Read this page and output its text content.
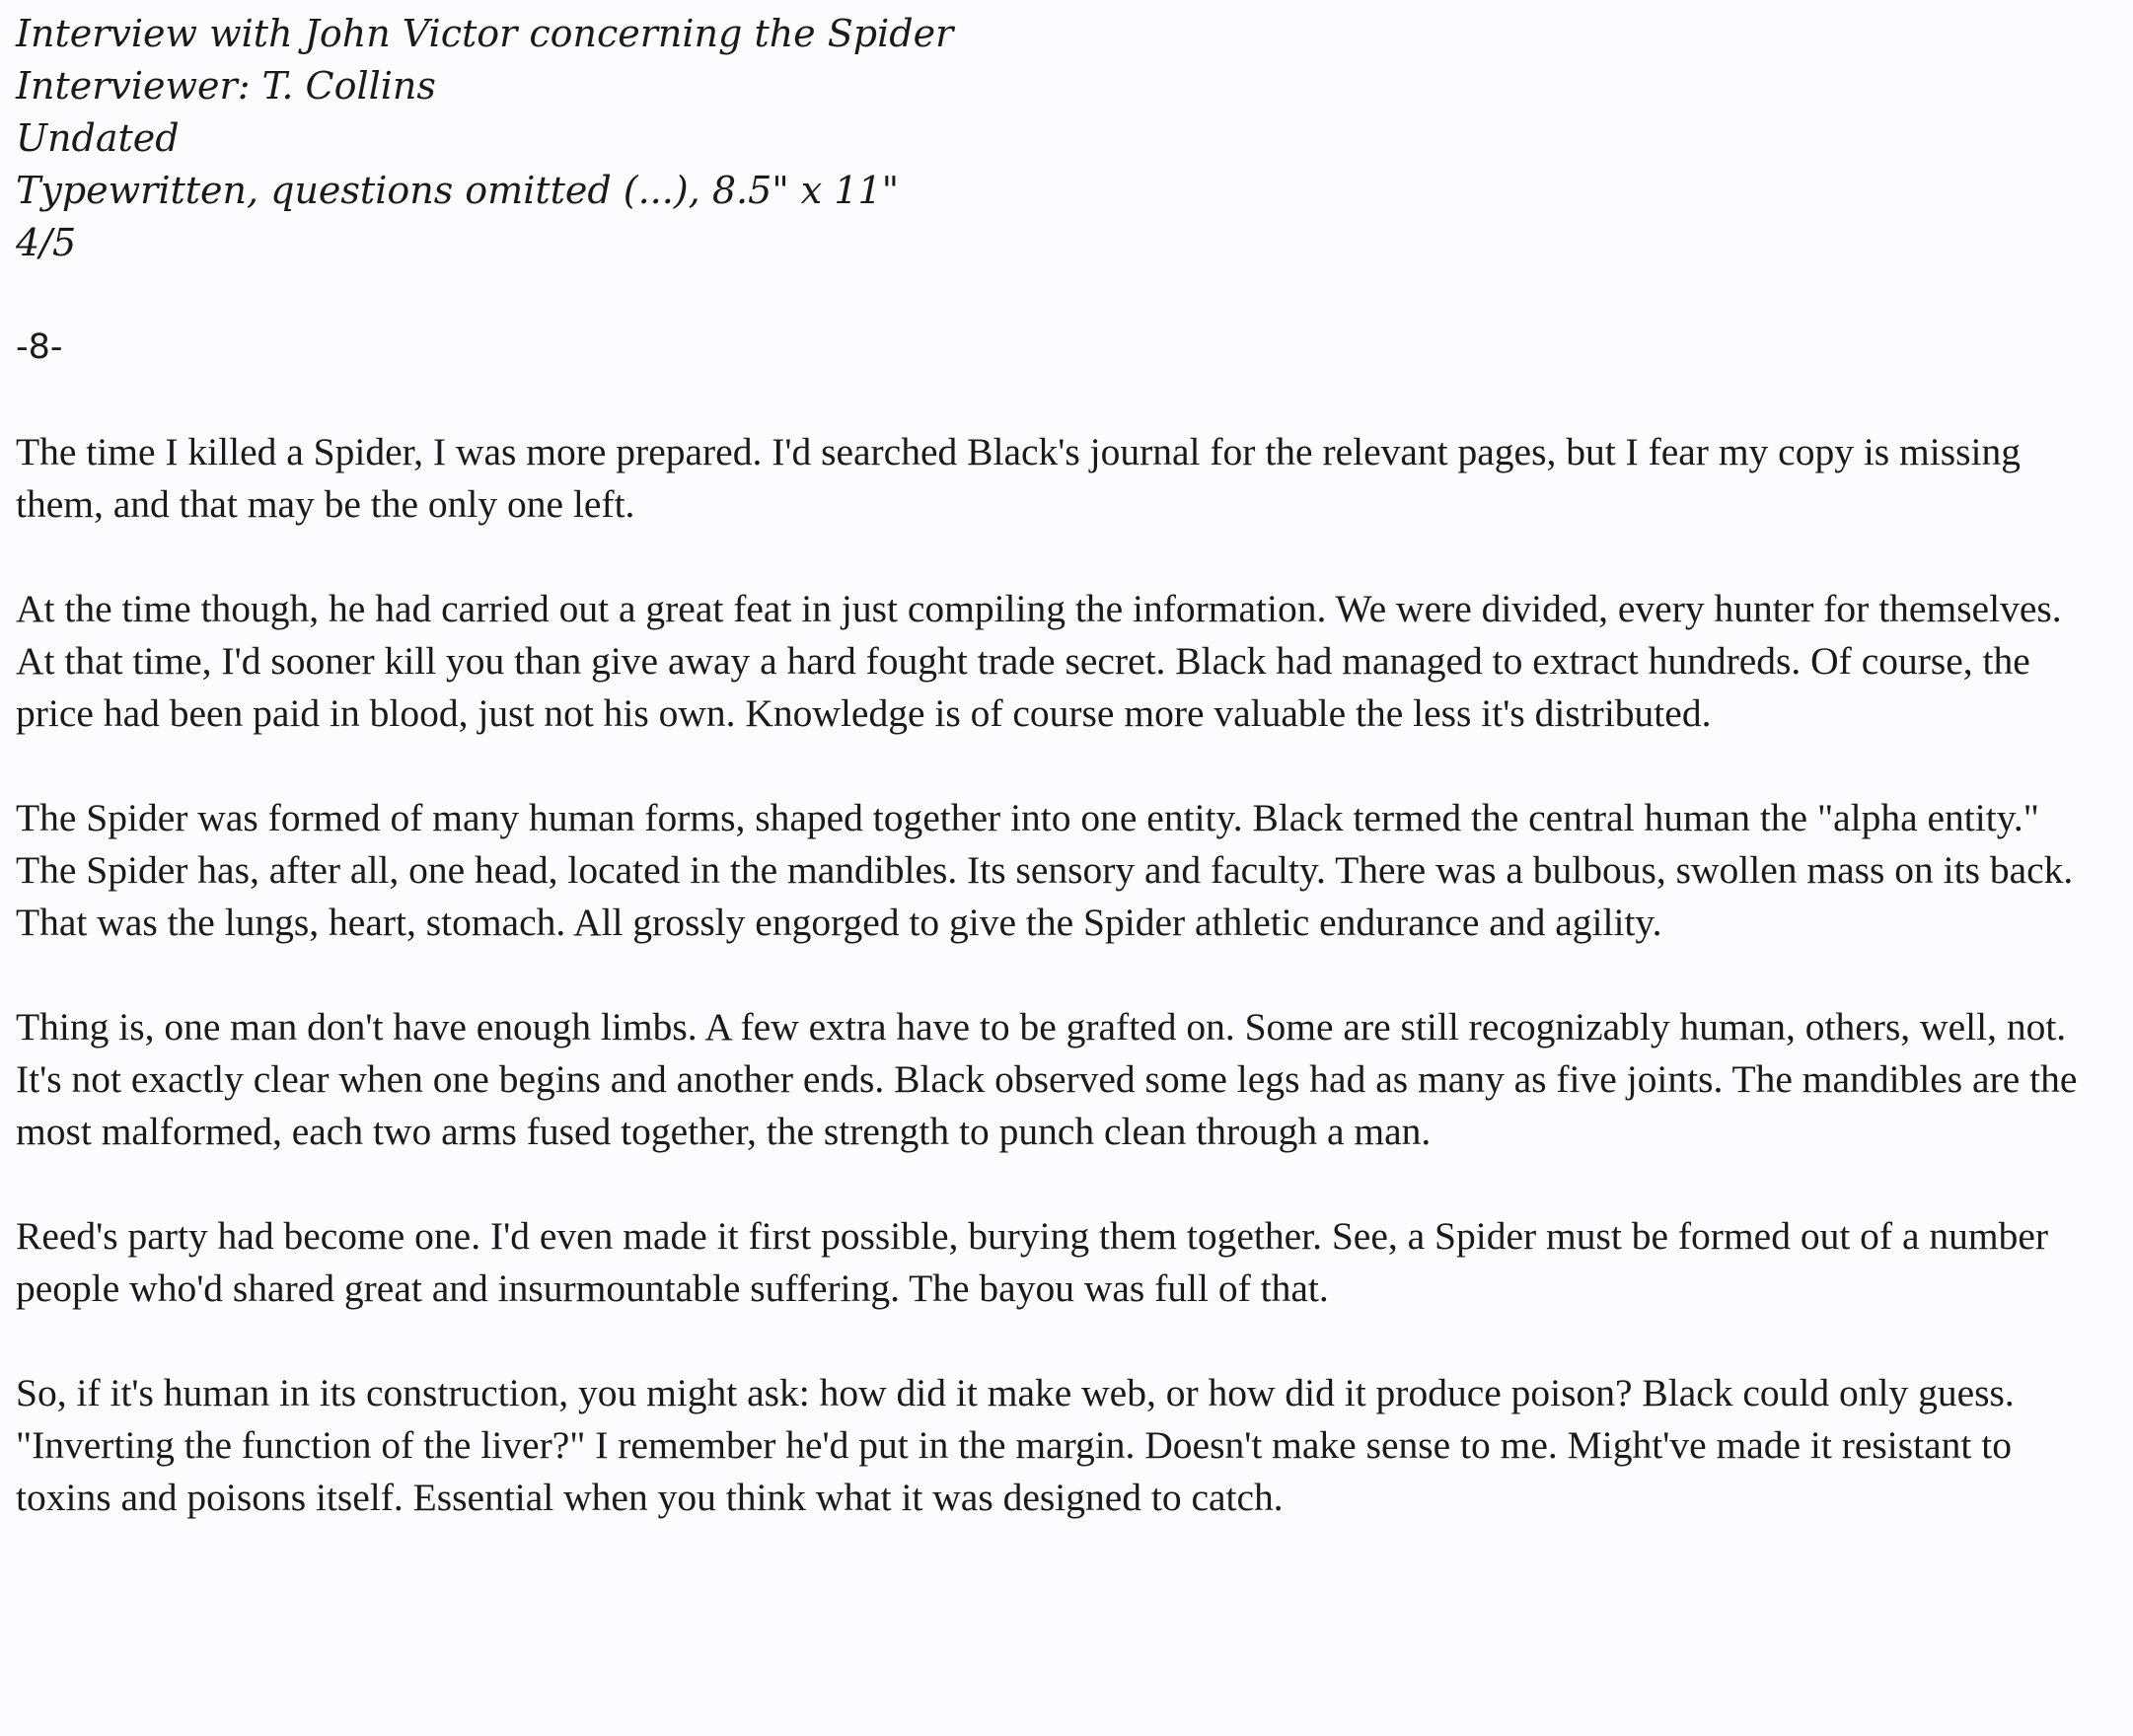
Interview with John Victor concerning the Spider
Interviewer: T. Collins
Undated
Typewritten, questions omitted (...), 8.5" x 11"
4/5

-8-

The time I killed a Spider, I was more prepared. I'd searched Black's journal for the relevant pages, but I fear my copy is missing them, and that may be the only one left.

At the time though, he had carried out a great feat in just compiling the information. We were divided, every hunter for themselves. At that time, I'd sooner kill you than give away a hard fought trade secret. Black had managed to extract hundreds. Of course, the price had been paid in blood, just not his own. Knowledge is of course more valuable the less it's distributed.

The Spider was formed of many human forms, shaped together into one entity. Black termed the central human the "alpha entity." The Spider has, after all, one head, located in the mandibles. Its sensory and faculty. There was a bulbous, swollen mass on its back. That was the lungs, heart, stomach. All grossly engorged to give the Spider athletic endurance and agility.

Thing is, one man don't have enough limbs. A few extra have to be grafted on. Some are still recognizably human, others, well, not. It's not exactly clear when one begins and another ends. Black observed some legs had as many as five joints. The mandibles are the most malformed, each two arms fused together, the strength to punch clean through a man.

Reed's party had become one. I'd even made it first possible, burying them together. See, a Spider must be formed out of a number people who'd shared great and insurmountable suffering. The bayou was full of that.

So, if it's human in its construction, you might ask: how did it make web, or how did it produce poison? Black could only guess. "Inverting the function of the liver?" I remember he'd put in the margin. Doesn't make sense to me. Might've made it resistant to toxins and poisons itself. Essential when you think what it was designed to catch.
